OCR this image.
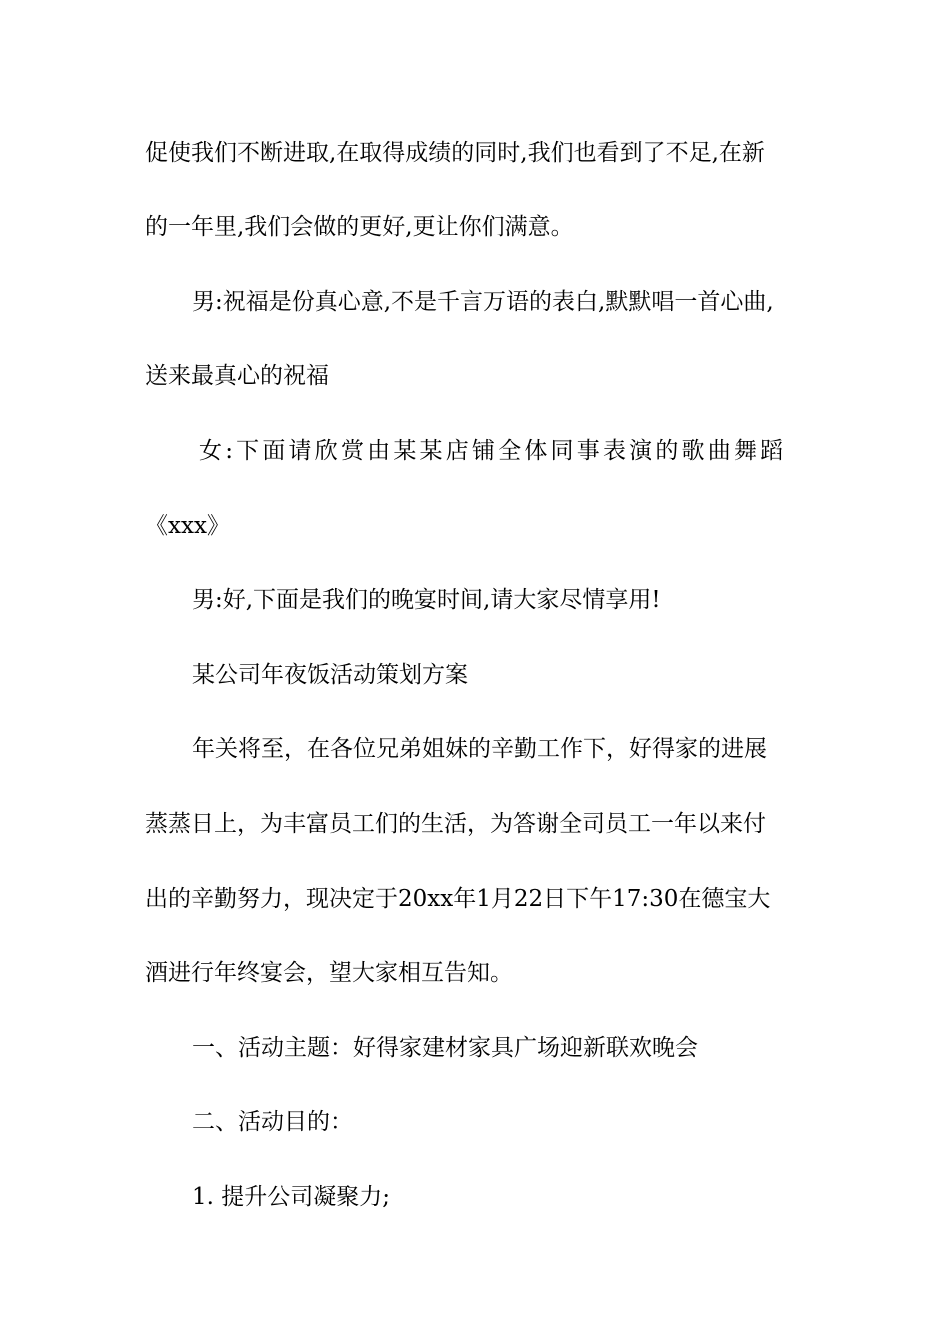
促使我们不断进取,在取得成绩的同时,我们也看到了不足,在新
的一年里,我们会做的更好,更让你们满意。
男:祝福是份真心意,不是千言万语的表白,默默唱一首心曲,
送来最真心的祝福
女:下面请欣赏由某某店铺全体同事表演的歌曲舞蹈
《xxx》
男:好,下面是我们的晚宴时间,请大家尽情享用!
某公司年夜饭活动策划方案
年关将至，在各位兄弟姐妹的辛勤工作下，好得家的进展
蒸蒸日上，为丰富员工们的生活，为答谢全司员工一年以来付
出的辛勤努力，现决定于20xx年1月22日下午17:30在德宝大
酒进行年终宴会，望大家相互告知。
一、活动主题：好得家建材家具广场迎新联欢晚会
二、活动目的：
1. 提升公司凝聚力;
